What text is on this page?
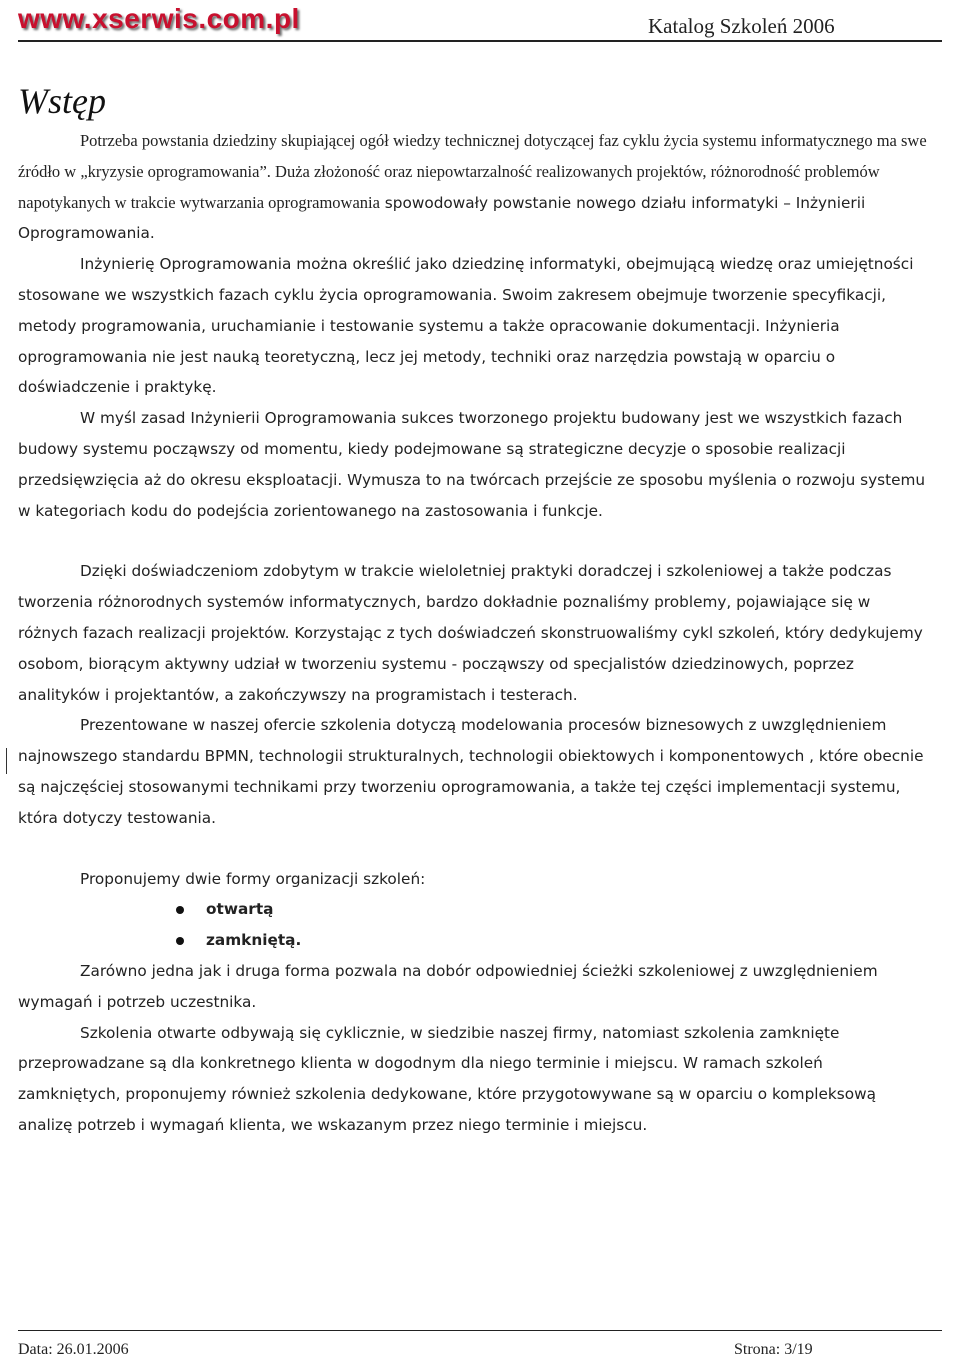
www.xserwis.com.pl	Katalog Szkoleń 2006
Wstęp

Potrzeba powstania dziedziny skupiającej ogół wiedzy technicznej dotyczącej faz cyklu życia systemu informatycznego ma swe źródło w „kryzysie oprogramowania”. Duża złożoność oraz niepowtarzalność realizowanych projektów, różnorodność problemów napotykanych w trakcie wytwarzania oprogramowania spowodowały powstanie nowego działu informatyki – Inżynierii Oprogramowania.

Inżynierię Oprogramowania można określić jako dziedzinę informatyki, obejmującą wiedzę oraz umiejętności stosowane we wszystkich fazach cyklu życia oprogramowania. Swoim zakresem obejmuje tworzenie specyfikacji, metody programowania, uruchamianie i testowanie systemu a także opracowanie dokumentacji. Inżynieria oprogramowania nie jest nauką teoretyczną, lecz jej metody, techniki oraz narzędzia powstają w oparciu o doświadczenie i praktykę.

W myśl zasad Inżynierii Oprogramowania sukces tworzonego projektu budowany jest we wszystkich fazach budowy systemu począwszy od momentu, kiedy podejmowane są strategiczne decyzje o sposobie realizacji przedsięwzięcia aż do okresu eksploatacji. Wymusza to na twórcach przejście ze sposobu myślenia o rozwoju systemu w kategoriach kodu do podejścia zorientowanego na zastosowania i funkcje.

Dzięki doświadczeniom zdobytym w trakcie wieloletniej praktyki doradczej i szkoleniowej a także podczas tworzenia różnorodnych systemów informatycznych, bardzo dokładnie poznaliśmy problemy, pojawiające się w różnych fazach realizacji projektów. Korzystając z tych doświadczeń skonstruowaliśmy cykl szkoleń, który dedykujemy osobom, biorącym aktywny udział w tworzeniu systemu - począwszy od specjalistów dziedzinowych, poprzez analityków i projektantów, a zakończywszy na programistach i testerach.

Prezentowane w naszej ofercie szkolenia dotyczą modelowania procesów biznesowych z uwzględnieniem najnowszego standardu BPMN, technologii strukturalnych, technologii obiektowych i komponentowych , które obecnie są najczęściej stosowanymi technikami przy tworzeniu oprogramowania, a także tej części implementacji systemu, która dotyczy testowania.

Proponujemy dwie formy organizacji szkoleń:

otwartą
zamkniętą.

Zarówno jedna jak i druga forma pozwala na dobór odpowiedniej ścieżki szkoleniowej z uwzględnieniem wymagań i potrzeb uczestnika.

Szkolenia otwarte odbywają się cyklicznie, w siedzibie naszej firmy, natomiast szkolenia zamknięte przeprowadzane są dla konkretnego klienta w dogodnym dla niego terminie i miejscu. W ramach szkoleń zamkniętych, proponujemy również szkolenia dedykowane, które przygotowywane są w oparciu o kompleksową analizę potrzeb i wymagań klienta, we wskazanym przez niego terminie i miejscu.

Data: 26.01.2006	Strona: 3/19
